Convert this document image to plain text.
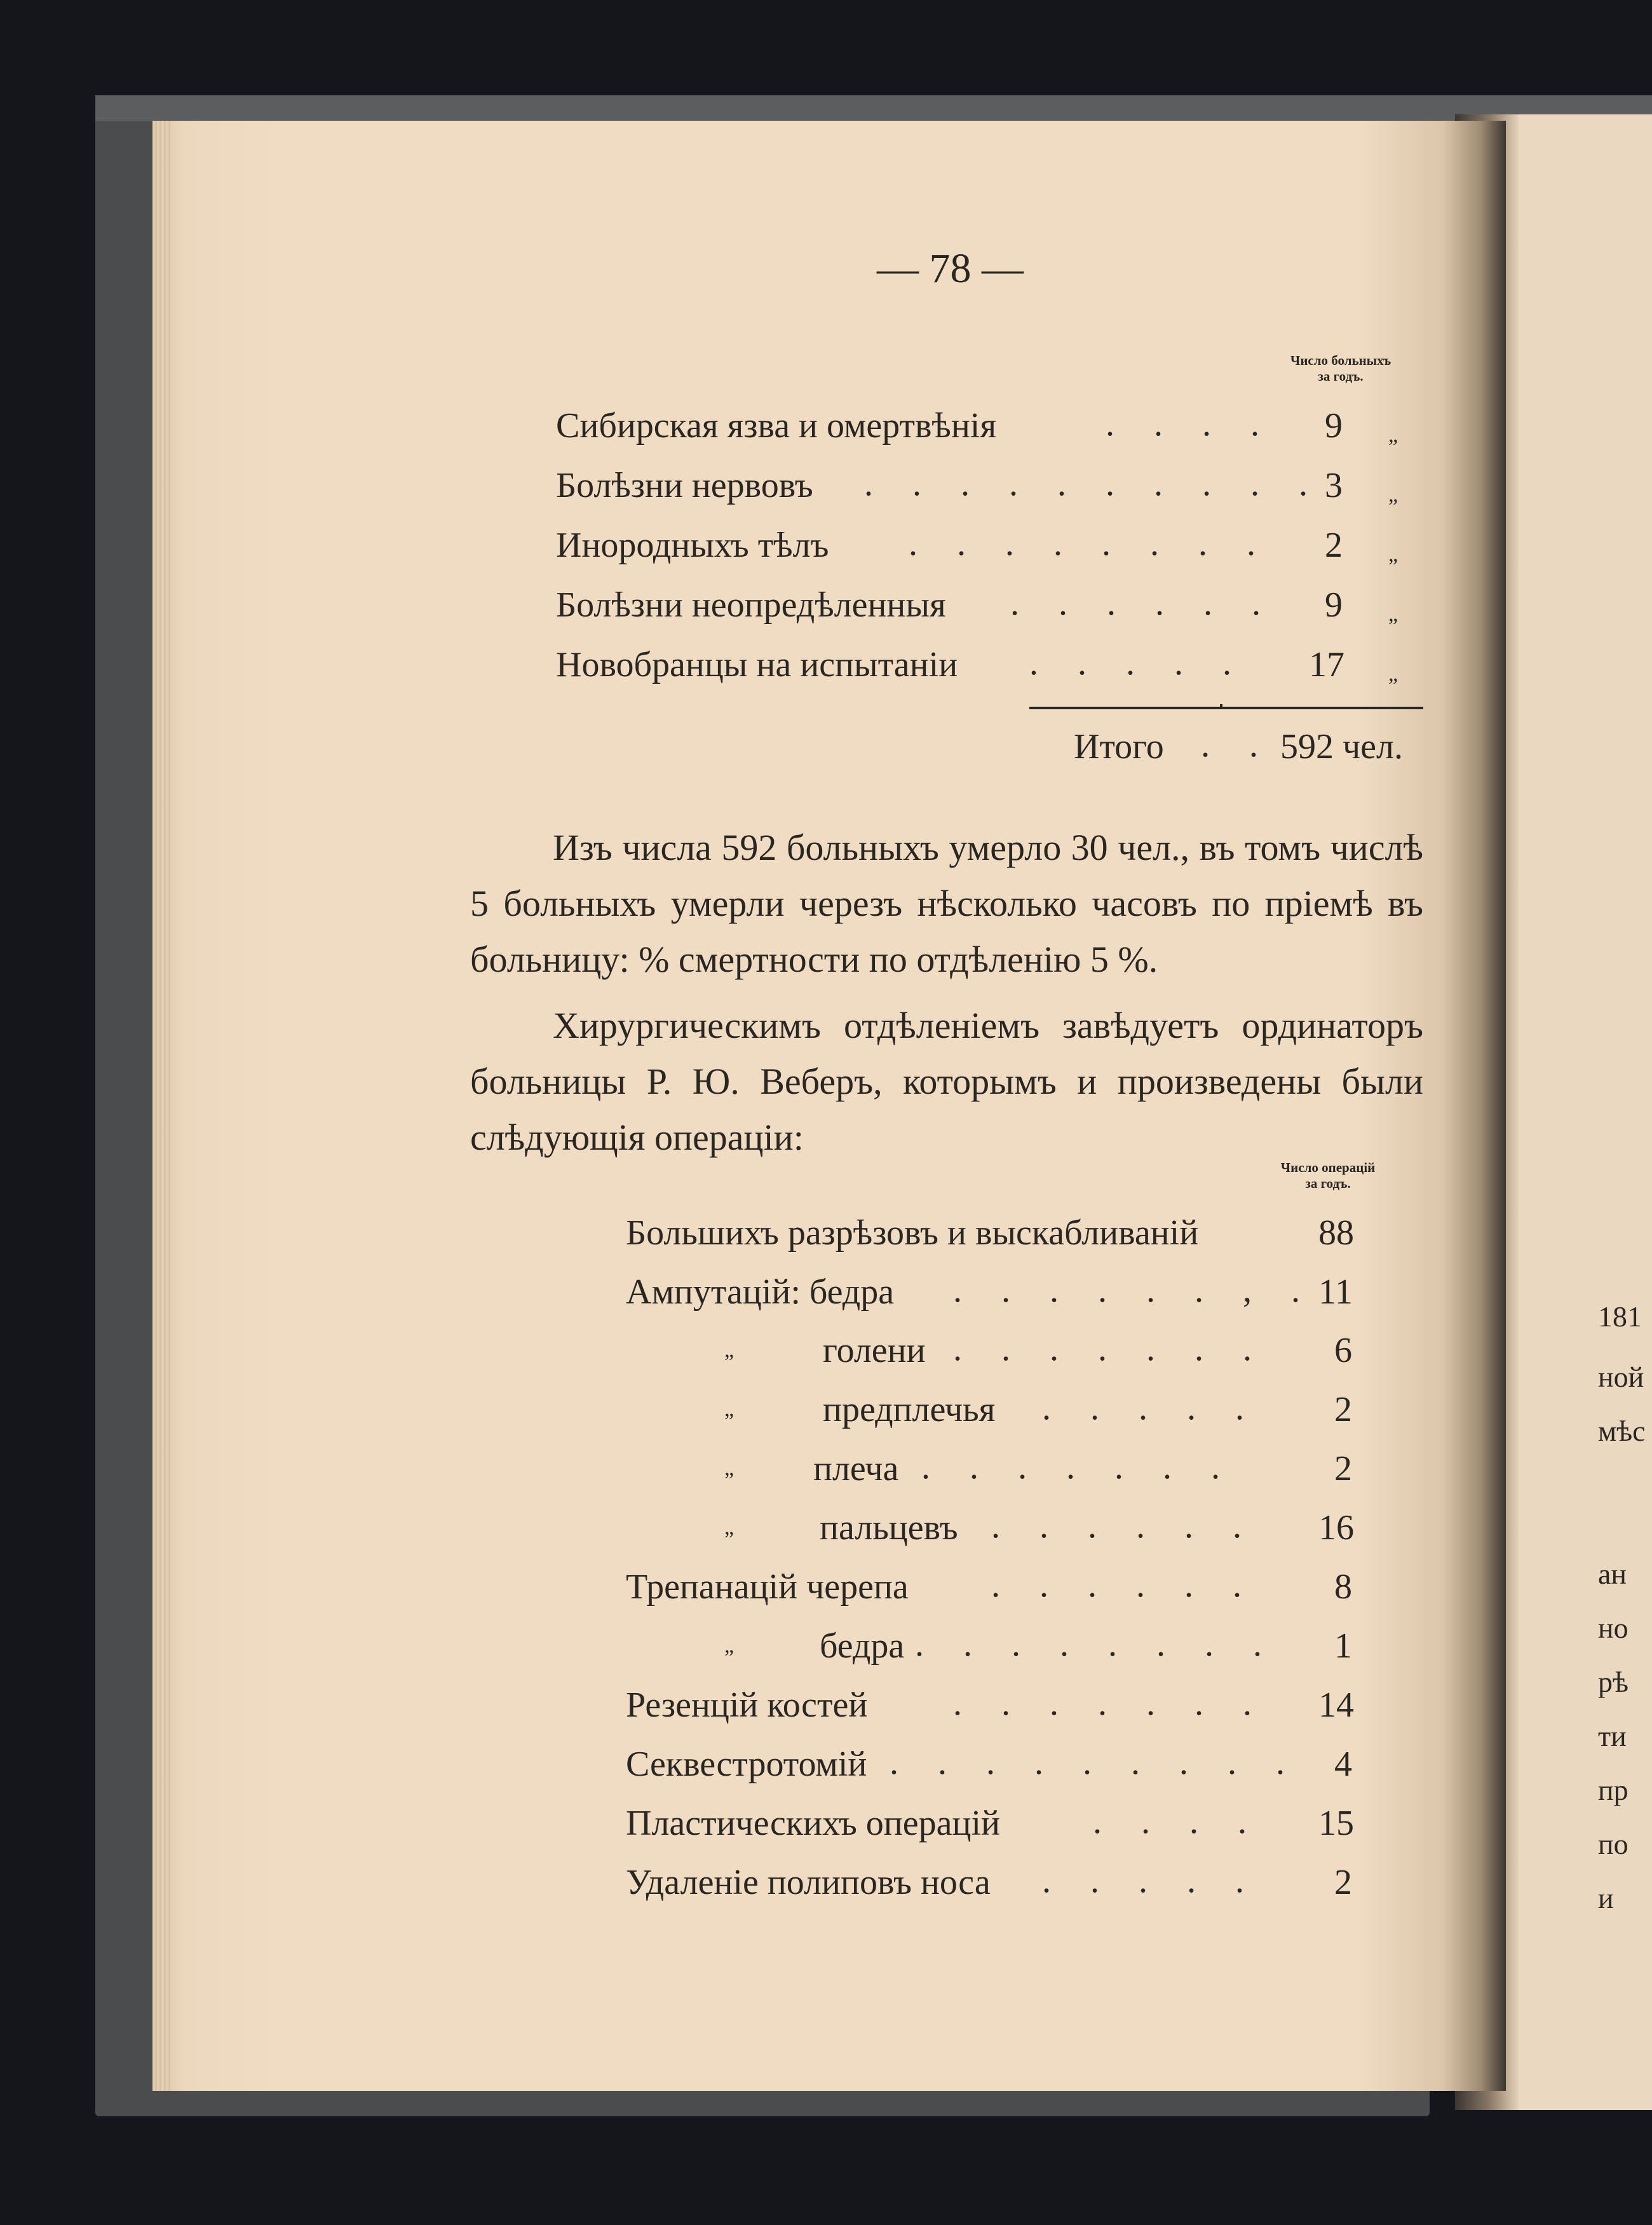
— 78 —
Число больныхъ
за годъ.
Сибирская язва и омертвѣнія	. . . . 9 „
Болѣзни нервовъ . . . . . . . . . . 3 „
Инородныхъ тѣлъ . . . . . . . . 2 „
Болѣзни неопредѣленныя . . . . . . 9 „
Новобранцы на испытаніи . . . . . 17 „
Итого . . 592 чел.
Изъ числа 592 больныхъ умерло 30 чел., въ томъ числѣ 5 больныхъ умерли черезъ нѣсколько часовъ по пріемѣ въ больницу: % смертности по отдѣленію 5 %.
Хирургическимъ отдѣленіемъ завѣдуетъ ординаторъ больницы Р. Ю. Веберъ, которымъ и произведены были слѣдующія операціи:
Число операцій
за годъ.
Большихъ разрѣзовъ и выскабливаній	88
Ампутацій: бедра . . . . . . , . 11
„ голени . . . . . . . 6
„ предплечья . . . . . 2
„ плеча . . . . . . .	2
„ пальцевъ . . . . . . 16
Трепанацій черепа . . . . . . 8
„ бедра . . . . . . . . 1
Резенцій костей . . . . . . . 14
Секвестротомій . . . . . . . . . 4
Пластическихъ операцій	. . . . 15
Удаленіе полиповъ носа . . . . . 2
181
ной
мѣс
ан
но
рѣ
ти
пр
по
и
